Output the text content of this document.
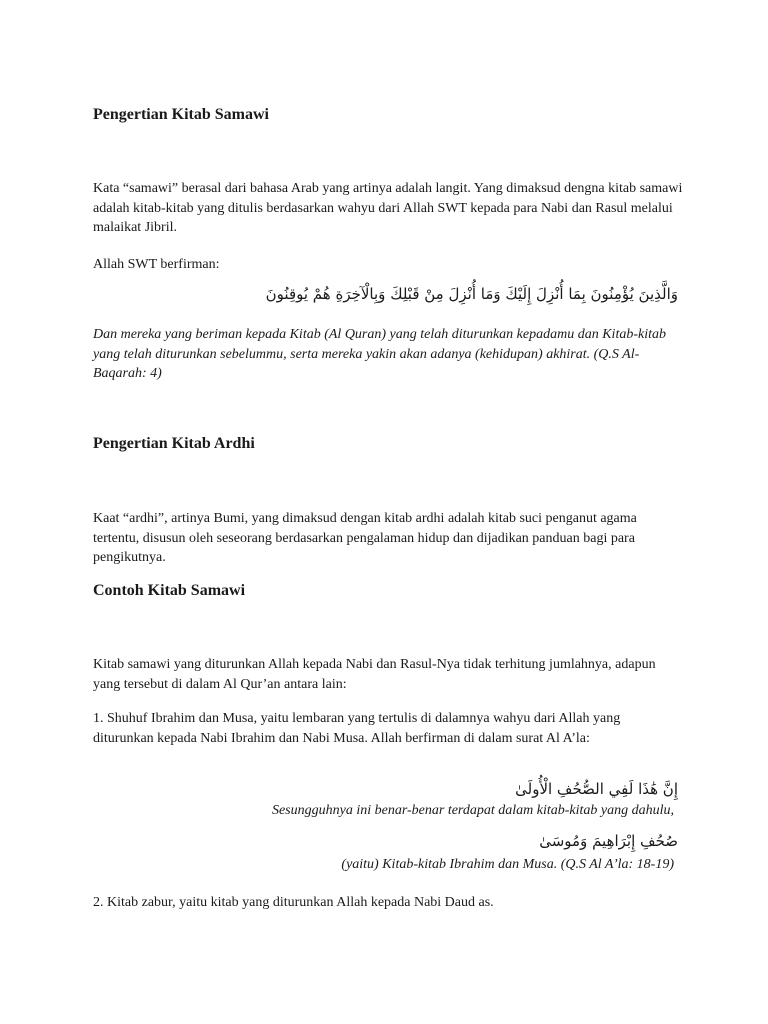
Pengertian Kitab Samawi

Kata “samawi” berasal dari bahasa Arab yang artinya adalah langit. Yang dimaksud dengna kitab samawi adalah kitab-kitab yang ditulis berdasarkan wahyu dari Allah SWT kepada para Nabi dan Rasul melalui malaikat Jibril.

Allah SWT berfirman:

وَالَّذِينَ يُؤْمِنُونَ بِمَا أُنْزِلَ إِلَيْكَ وَمَا أُنْزِلَ مِنْ قَبْلِكَ وَبِالْآخِرَةِ هُمْ يُوقِنُونَ

Dan mereka yang beriman kepada Kitab (Al Quran) yang telah diturunkan kepadamu dan Kitab-kitab yang telah diturunkan sebelummu, serta mereka yakin akan adanya (kehidupan) akhirat. (Q.S Al-Baqarah: 4)

Pengertian Kitab Ardhi

Kaat “ardhi”, artinya Bumi, yang dimaksud dengan kitab ardhi adalah kitab suci penganut agama tertentu, disusun oleh seseorang berdasarkan pengalaman hidup dan dijadikan panduan bagi para pengikutnya.

Contoh Kitab Samawi

Kitab samawi yang diturunkan Allah kepada Nabi dan Rasul-Nya tidak terhitung jumlahnya, adapun yang tersebut di dalam Al Qur’an antara lain:

1. Shuhuf Ibrahim dan Musa, yaitu lembaran yang tertulis di dalamnya wahyu dari Allah yang diturunkan kepada Nabi Ibrahim dan Nabi Musa. Allah berfirman di dalam surat Al A’la:

إِنَّ هَٰذَا لَفِي الصُّحُفِ الْأُولَىٰ

Sesungguhnya ini benar-benar terdapat dalam kitab-kitab yang dahulu,

صُحُفِ إِبْرَاهِيمَ وَمُوسَىٰ

(yaitu) Kitab-kitab Ibrahim dan Musa. (Q.S Al A’la: 18-19)

2. Kitab zabur, yaitu kitab yang diturunkan Allah kepada Nabi Daud as.
